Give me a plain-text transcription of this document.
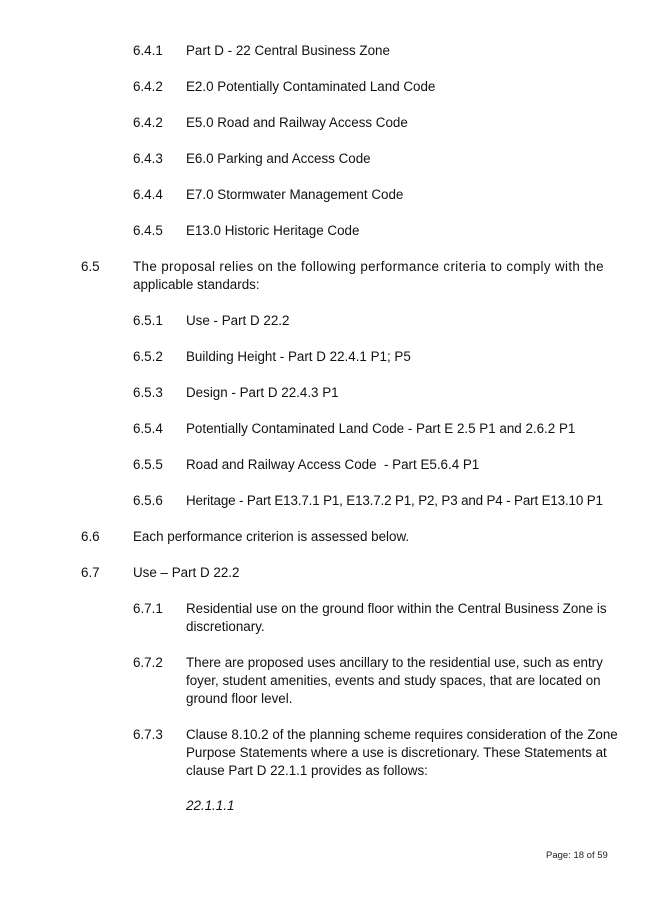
6.4.1 Part D - 22 Central Business Zone
6.4.2 E2.0 Potentially Contaminated Land Code
6.4.2 E5.0 Road and Railway Access Code
6.4.3 E6.0 Parking and Access Code
6.4.4 E7.0 Stormwater Management Code
6.4.5 E13.0 Historic Heritage Code
6.5 The proposal relies on the following performance criteria to comply with the
applicable standards:
6.5.1 Use - Part D 22.2
6.5.2 Building Height - Part D 22.4.1 P1; P5
6.5.3 Design - Part D 22.4.3 P1
6.5.4 Potentially Contaminated Land Code - Part E 2.5 P1 and 2.6.2 P1
6.5.5 Road and Railway Access Code  - Part E5.6.4 P1
6.5.6 Heritage - Part E13.7.1 P1, E13.7.2 P1, P2, P3 and P4 - Part E13.10 P1
6.6 Each performance criterion is assessed below.
6.7 Use – Part D 22.2
6.7.1 Residential use on the ground floor within the Central Business Zone is
discretionary.
6.7.2 There are proposed uses ancillary to the residential use, such as entry
foyer, student amenities, events and study spaces, that are located on
ground floor level.
6.7.3 Clause 8.10.2 of the planning scheme requires consideration of the Zone
Purpose Statements where a use is discretionary. These Statements at
clause Part D 22.1.1 provides as follows:
22.1.1.1
Page: 18 of 59
